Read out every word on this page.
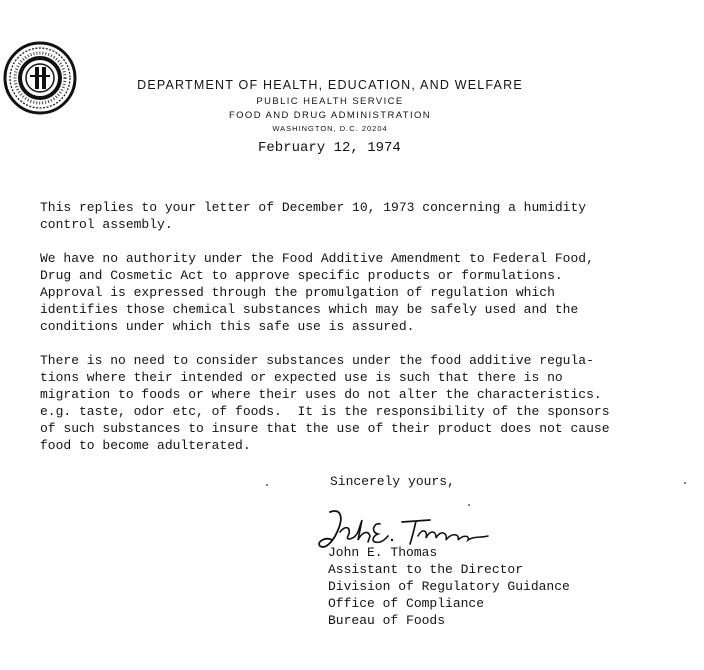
DEPARTMENT OF HEALTH, EDUCATION, AND WELFARE
PUBLIC HEALTH SERVICE
FOOD AND DRUG ADMINISTRATION
WASHINGTON, D.C. 20204
February 12, 1974
This replies to your letter of December 10, 1973 concerning a humidity
control assembly.
We have no authority under the Food Additive Amendment to Federal Food,
Drug and Cosmetic Act to approve specific products or formulations.
Approval is expressed through the promulgation of regulation which
identifies those chemical substances which may be safely used and the
conditions under which this safe use is assured.
There is no need to consider substances under the food additive regula-
tions where their intended or expected use is such that there is no
migration to foods or where their uses do not alter the characteristics.
e.g. taste, odor etc, of foods.  It is the responsibility of the sponsors
of such substances to insure that the use of their product does not cause
food to become adulterated.
Sincerely yours,
John E. Thomas
Assistant to the Director
Division of Regulatory Guidance
Office of Compliance
Bureau of Foods
